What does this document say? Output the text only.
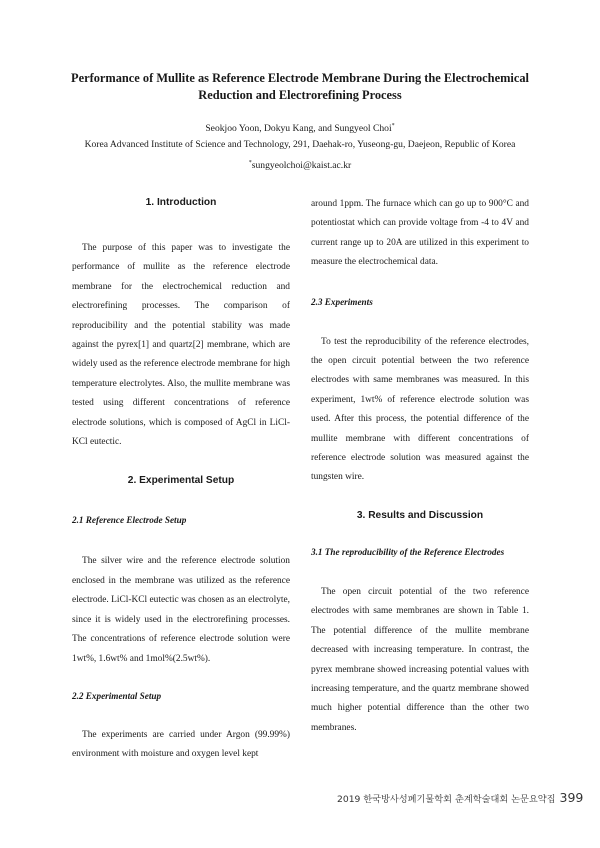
Performance of Mullite as Reference Electrode Membrane During the Electrochemical Reduction and Electrorefining Process
Seokjoo Yoon, Dokyu Kang, and Sungyeol Choi*
Korea Advanced Institute of Science and Technology, 291, Daehak-ro, Yuseong-gu, Daejeon, Republic of Korea
*sungyeolchoi@kaist.ac.kr
1. Introduction

The purpose of this paper was to investigate the performance of mullite as the reference electrode membrane for the electrochemical reduction and electrorefining processes. The comparison of reproducibility and the potential stability was made against the pyrex[1] and quartz[2] membrane, which are widely used as the reference electrode membrane for high temperature electrolytes. Also, the mullite membrane was tested using different concentrations of reference electrode solutions, which is composed of AgCl in LiCl-KCl eutectic.

2. Experimental Setup
2.1 Reference Electrode Setup

The silver wire and the reference electrode solution enclosed in the membrane was utilized as the reference electrode. LiCl-KCl eutectic was chosen as an electrolyte, since it is widely used in the electrorefining processes. The concentrations of reference electrode solution were 1wt%, 1.6wt% and 1mol%(2.5wt%).

2.2 Experimental Setup

The experiments are carried under Argon (99.99%) environment with moisture and oxygen level kept

around 1ppm. The furnace which can go up to 900°C and potentiostat which can provide voltage from -4 to 4V and current range up to 20A are utilized in this experiment to measure the electrochemical data.

2.3 Experiments

To test the reproducibility of the reference electrodes, the open circuit potential between the two reference electrodes with same membranes was measured. In this experiment, 1wt% of reference electrode solution was used. After this process, the potential difference of the mullite membrane with different concentrations of reference electrode solution was measured against the tungsten wire.

3. Results and Discussion
3.1 The reproducibility of the Reference Electrodes

The open circuit potential of the two reference electrodes with same membranes are shown in Table 1. The potential difference of the mullite membrane decreased with increasing temperature. In contrast, the pyrex membrane showed increasing potential values with increasing temperature, and the quartz membrane showed much higher potential difference than the other two membranes.

2019 한국방사성폐기물학회 춘계학술대회 논문요약집 399
